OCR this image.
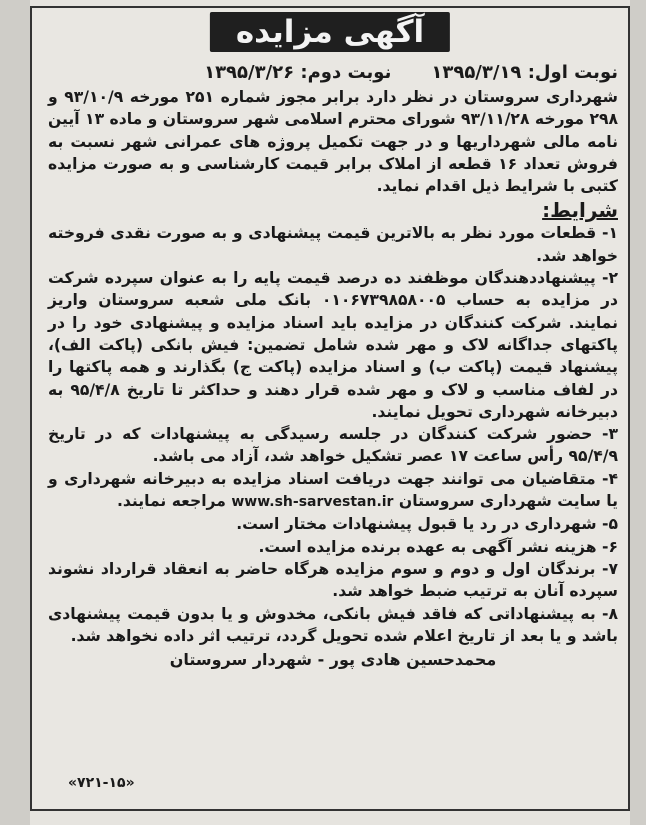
آگهی مزایده
نوبت اول: ۱۳۹۵/۳/۱۹
نوبت دوم: ۱۳۹۵/۳/۲۶

شهرداری سروستان در نظر دارد برابر مجوز شماره ۲۵۱ مورخه ۹۳/۱۰/۹ و ۲۹۸ مورخه ۹۳/۱۱/۲۸ شورای محترم اسلامی شهر سروستان و ماده ۱۳ آیین نامه مالی شهرداریها و در جهت تکمیل پروژه های عمرانی شهر نسبت به فروش تعداد ۱۶ قطعه از املاک برابر قیمت کارشناسی و به صورت مزایده کتبی با شرایط ذیل اقدام نماید.

شرایط:

۱- قطعات مورد نظر به بالاترین قیمت پیشنهادی و به صورت نقدی فروخته خواهد شد.

۲- پیشنهاددهندگان موظفند ده درصد قیمت پایه را به عنوان سپرده شرکت در مزایده به حساب ۰۱۰۶۷۳۹۸۵۸۰۰۵ بانک ملی شعبه سروستان واریز نمایند. شرکت کنندگان در مزایده باید اسناد مزایده و پیشنهادی خود را در پاکتهای جداگانه لاک و مهر شده شامل تضمین: فیش بانکی (پاکت الف)، پیشنهاد قیمت (پاکت ب) و اسناد مزایده (پاکت ج) بگذارند و همه پاکتها را در لفاف مناسب و لاک و مهر شده قرار دهند و حداکثر تا تاریخ ۹۵/۴/۸ به دبیرخانه شهرداری تحویل نمایند.

۳- حضور شرکت کنندگان در جلسه رسیدگی به پیشنهادات که در تاریخ ۹۵/۴/۹ رأس ساعت ۱۷ عصر تشکیل خواهد شد، آزاد می باشد.

۴- متقاضیان می توانند جهت دریافت اسناد مزایده به دبیرخانه شهرداری و یا سایت شهرداری سروستان www.sh-sarvestan.ir مراجعه نمایند.

۵- شهرداری در رد یا قبول پیشنهادات مختار است.

۶- هزینه نشر آگهی به عهده برنده مزایده است.

۷- برندگان اول و دوم و سوم مزایده هرگاه حاضر به انعقاد قرارداد نشوند سپرده آنان به ترتیب ضبط خواهد شد.

۸- به پیشنهاداتی که فاقد فیش بانکی، مخدوش و یا بدون قیمت پیشنهادی باشد و یا بعد از تاریخ اعلام شده تحویل گردد، ترتیب اثر داده نخواهد شد.

محمدحسین هادی پور - شهردار سروستان
«۷۲۱-۱۵»
